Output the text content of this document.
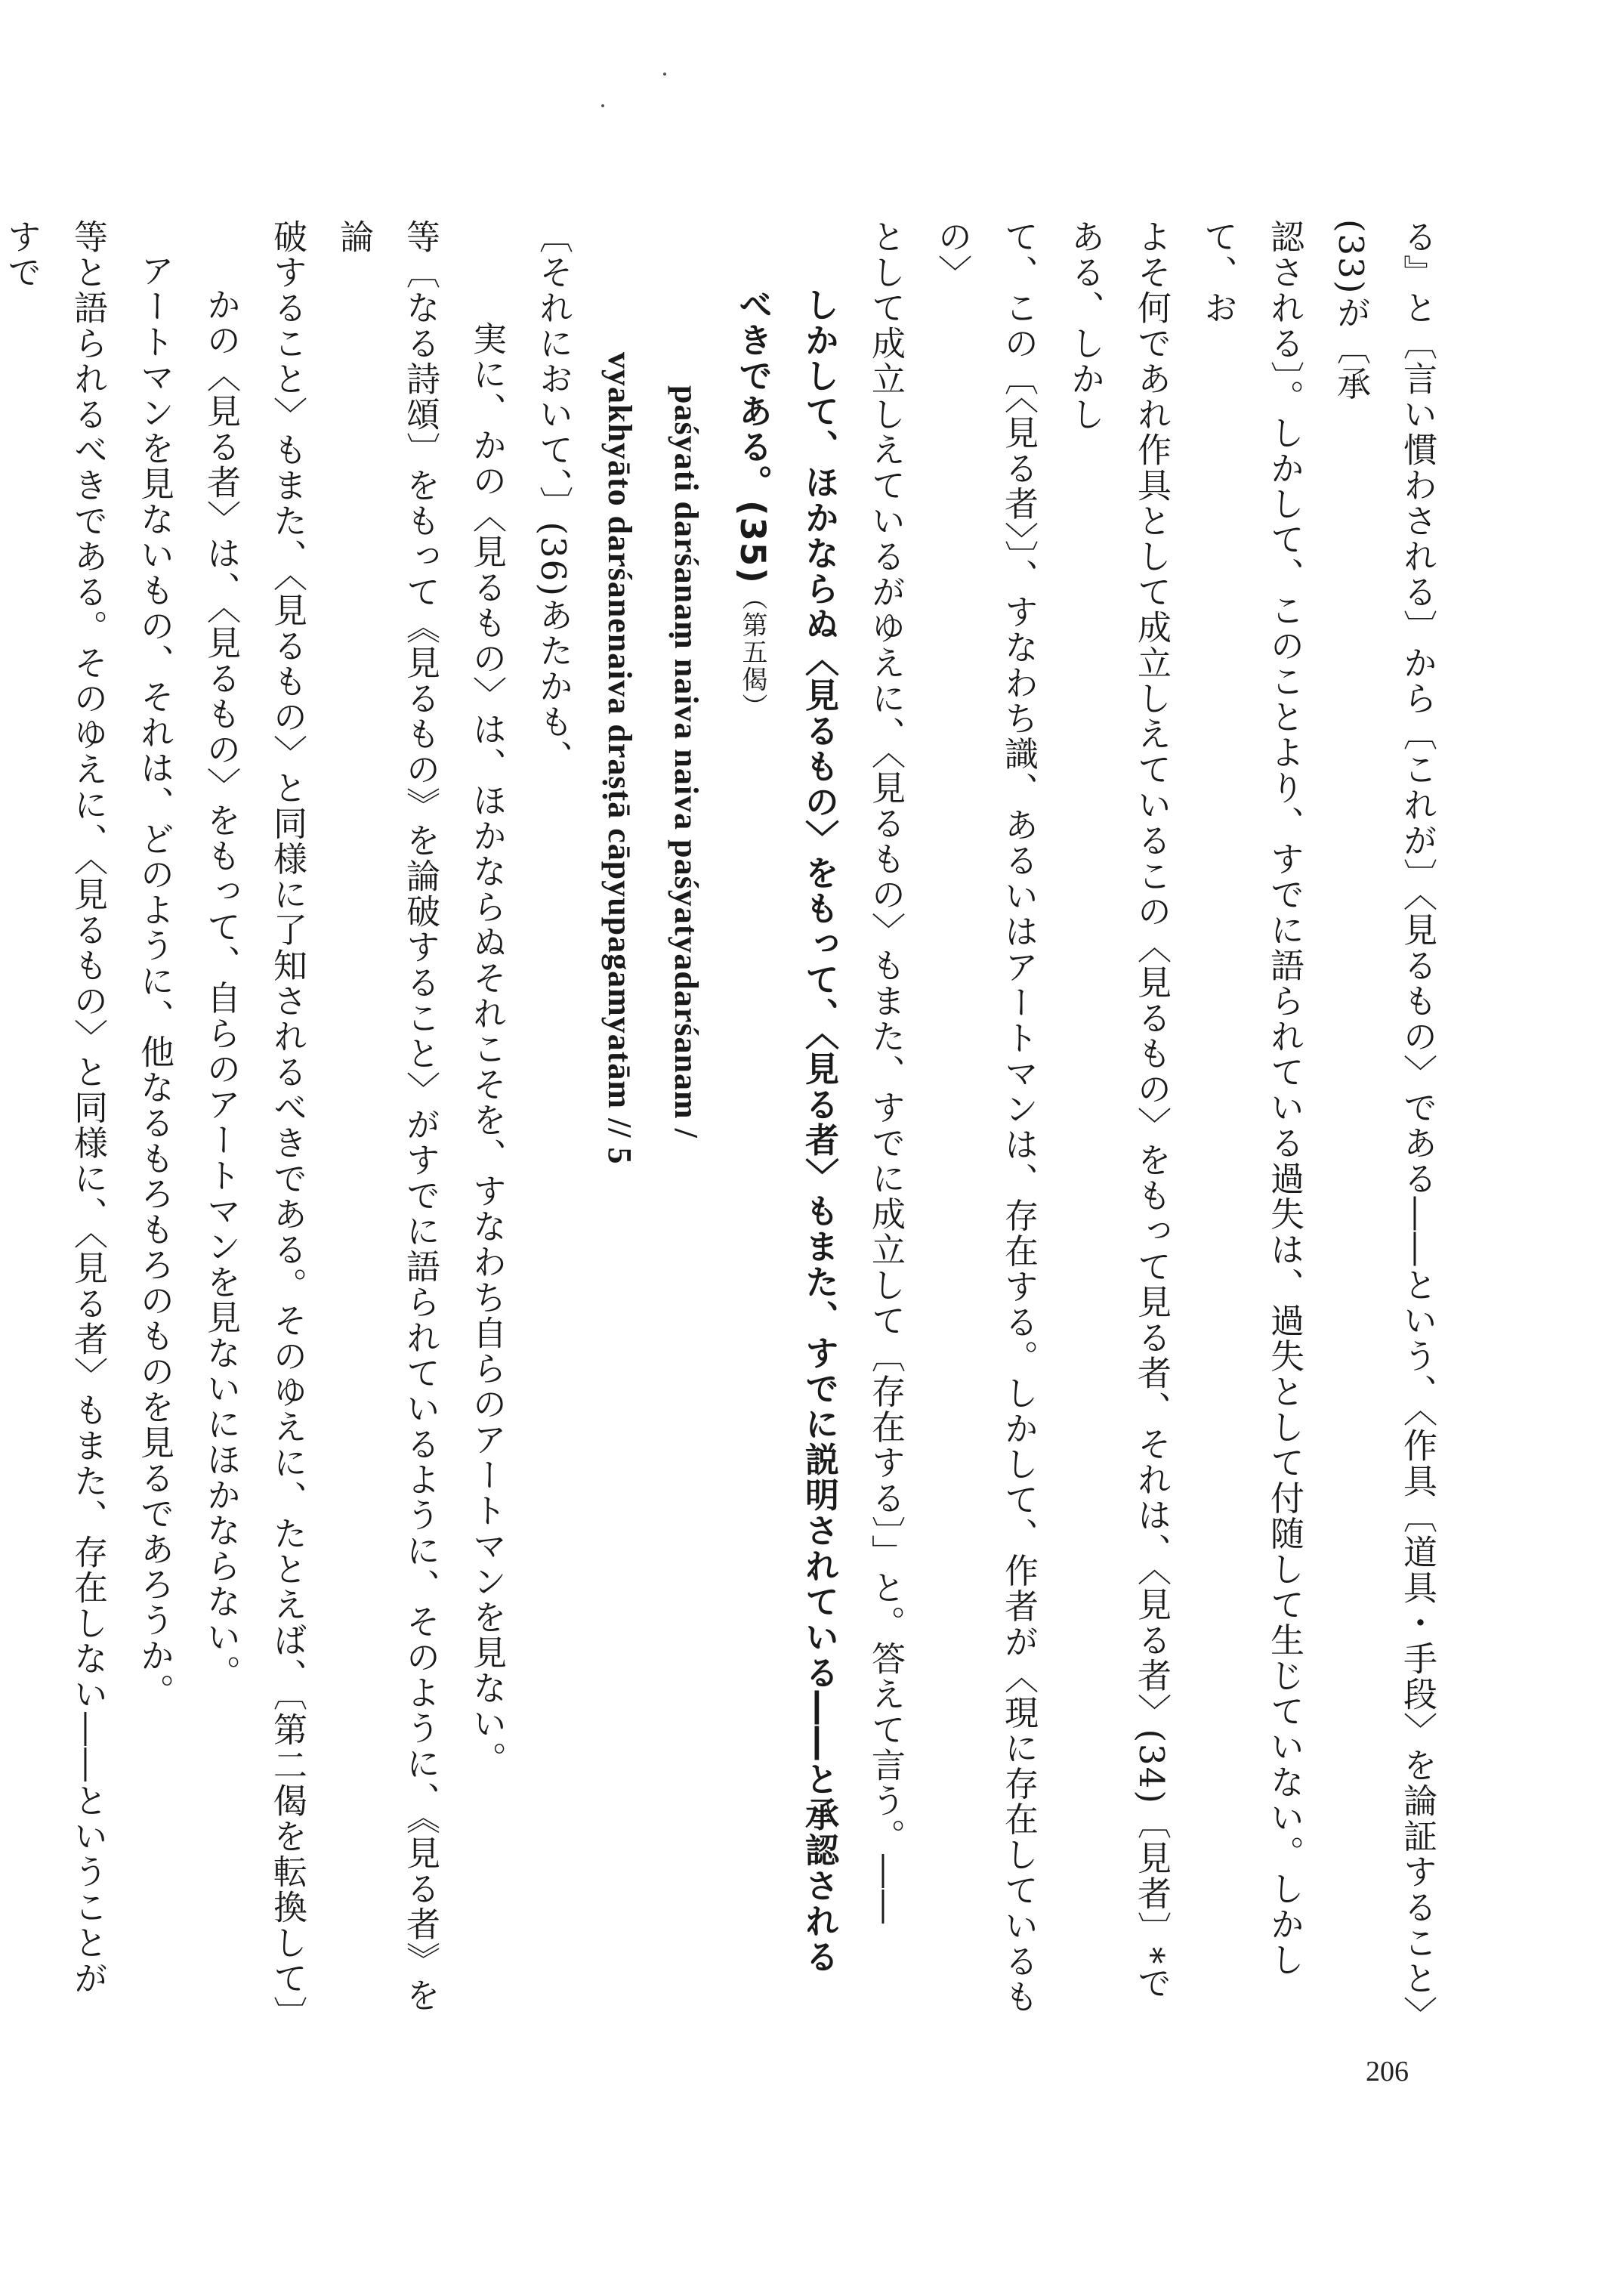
る』と〔言い慣わされる〕から〔これが〕〈見るもの〉である――という、〈作具〔道具・手段〉を論証すること〉(33)が〔承

認される〕。しかして、このことより、すでに語られている過失は、過失として付随して生じていない。しかして、お

よそ何であれ作具として成立しえているこの〈見るもの〉をもって見る者、それは、〈見る者〉(34)〔見者〕*である、しかし

て、この〔〈見る者〉〕、すなわち識、あるいはアートマンは、存在する。しかして、作者が〈現に存在しているもの〉

として成立しえているがゆえに、〈見るもの〉もまた、すでに成立して〔存在する〕」と。答えて言う。――

しかして、ほかならぬ〈見るもの〉をもって、〈見る者〉もまた、すでに説明されている――と承認される

べきである。(35)（第五偈）

paśyati darśanaṃ naiva naiva paśyatyadarśanam /

vyakhyāto darśanenaiva draṣṭā cāpyupagamyatām // 5

〔それにおいて、〕(36)あたかも、

実に、かの〈見るもの〉は、ほかならぬそれこそを、すなわち自らのアートマンを見ない。

等〔なる詩頌〕をもって《見るもの》を論破すること〉がすでに語られているように、そのように、《見る者》を論

破すること〉もまた、〈見るもの〉と同様に了知されるべきである。そのゆえに、たとえば、〔第二偈を転換して〕

かの〈見る者〉は、〈見るもの〉をもって、自らのアートマンを見ないにほかならない。

アートマンを見ないもの、それは、どのように、他なるもろもろのものを見るであろうか。

等と語られるべきである。そのゆえに、〈見るもの〉と同様に、〈見る者〉もまた、存在しない――ということがすで

206
